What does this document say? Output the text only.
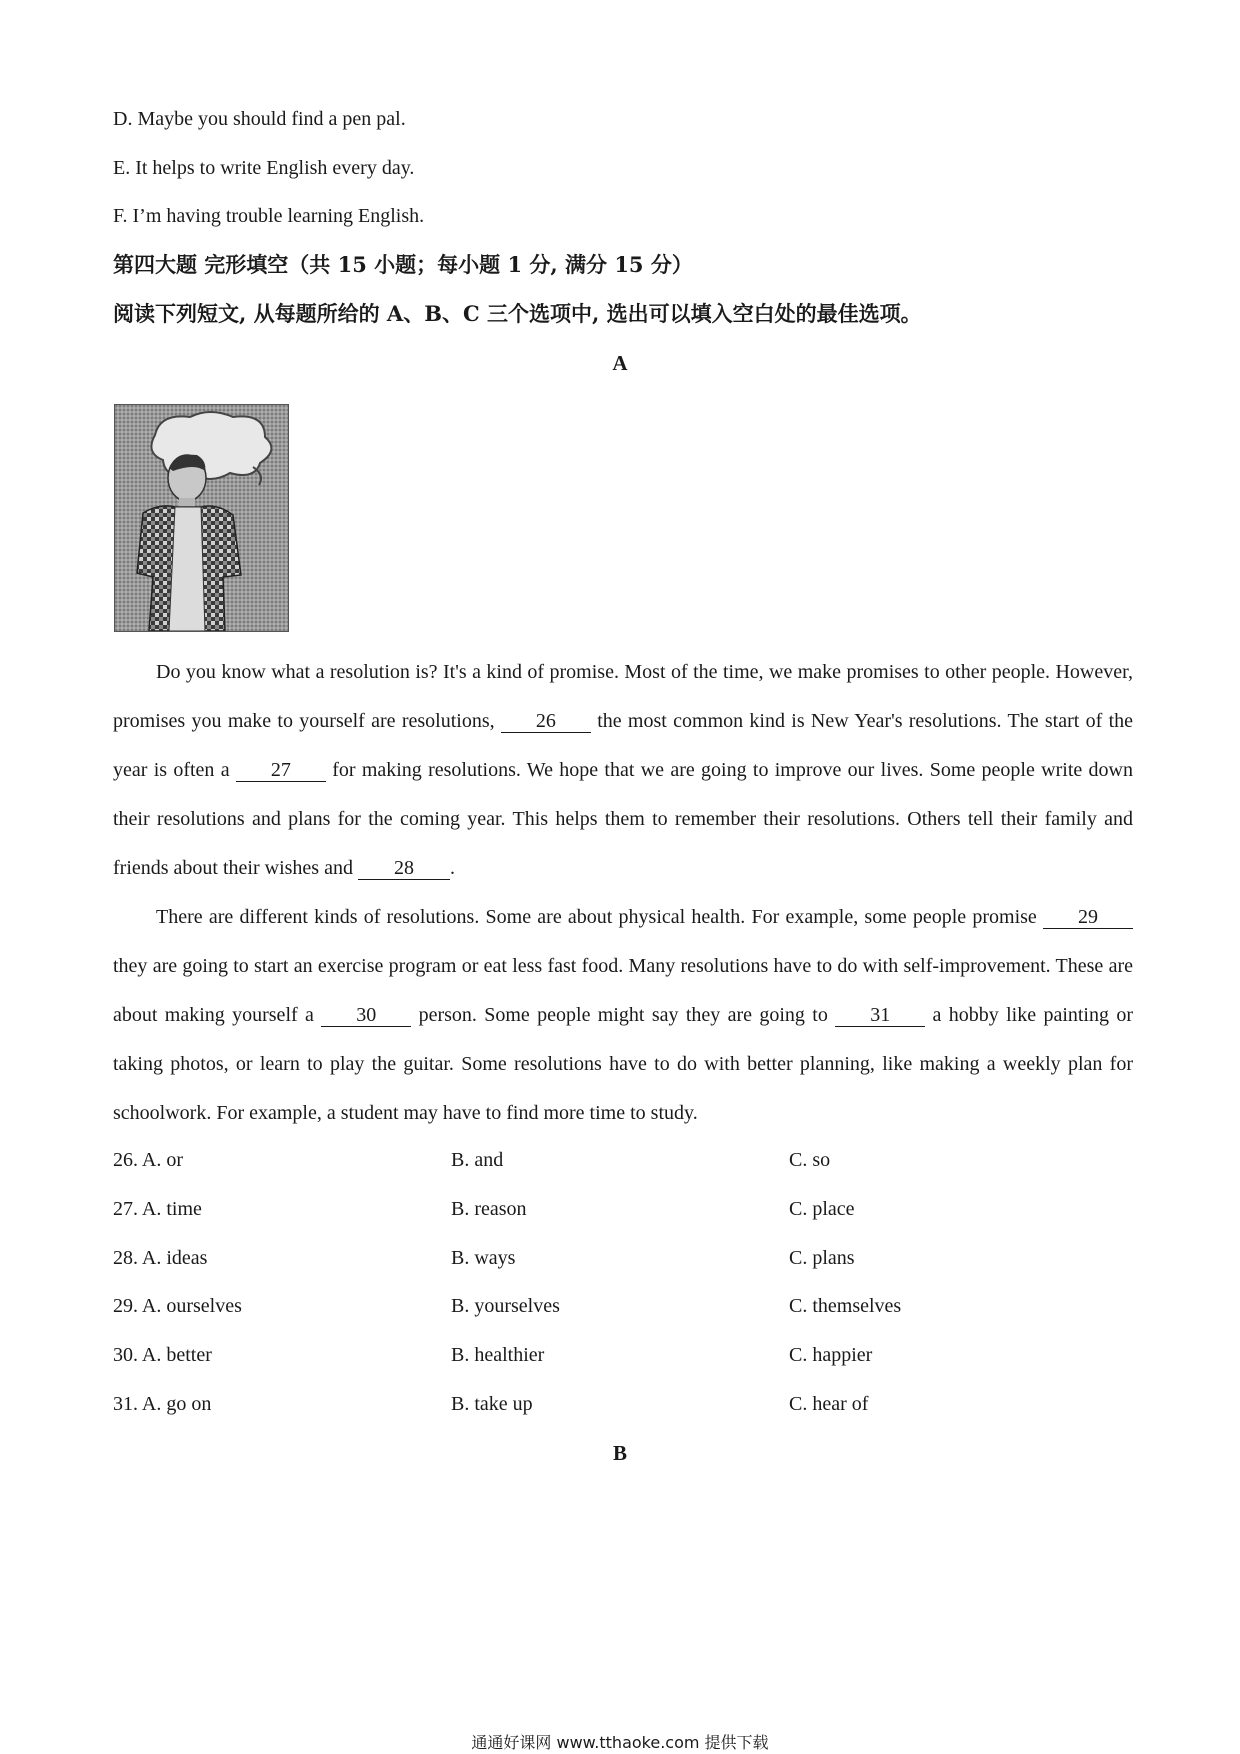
D. Maybe you should find a pen pal.
E. It helps to write English every day.
F. I’m having trouble learning English.
第四大题 完形填空（共 15 小题；每小题 1 分, 满分 15 分）
阅读下列短文, 从每题所给的 A、B、C 三个选项中, 选出可以填入空白处的最佳选项。
A

Do you know what a resolution is? It's a kind of promise. Most of the time, we make promises to other people. However, promises you make to yourself are resolutions, 26 the most common kind is New Year's resolutions. The start of the year is often a 27 for making resolutions. We hope that we are going to improve our lives. Some people write down their resolutions and plans for the coming year. This helps them to remember their resolutions. Others tell their family and friends about their wishes and 28 .

There are different kinds of resolutions. Some are about physical health. For example, some people promise 29 they are going to start an exercise program or eat less fast food. Many resolutions have to do with self-improvement. These are about making yourself a 30 person. Some people might say they are going to 31 a hobby like painting or taking photos, or learn to play the guitar. Some resolutions have to do with better planning, like making a weekly plan for schoolwork. For example, a student may have to find more time to study.

26. A. or	B. and	C. so
27. A. time	B. reason	C. place
28. A. ideas	B. ways	C. plans
29. A. ourselves	B. yourselves	C. themselves
30. A. better	B. healthier	C. happier
31. A. go on	B. take up	C. hear of
B
通通好课网 www.tthaoke.com 提供下载
